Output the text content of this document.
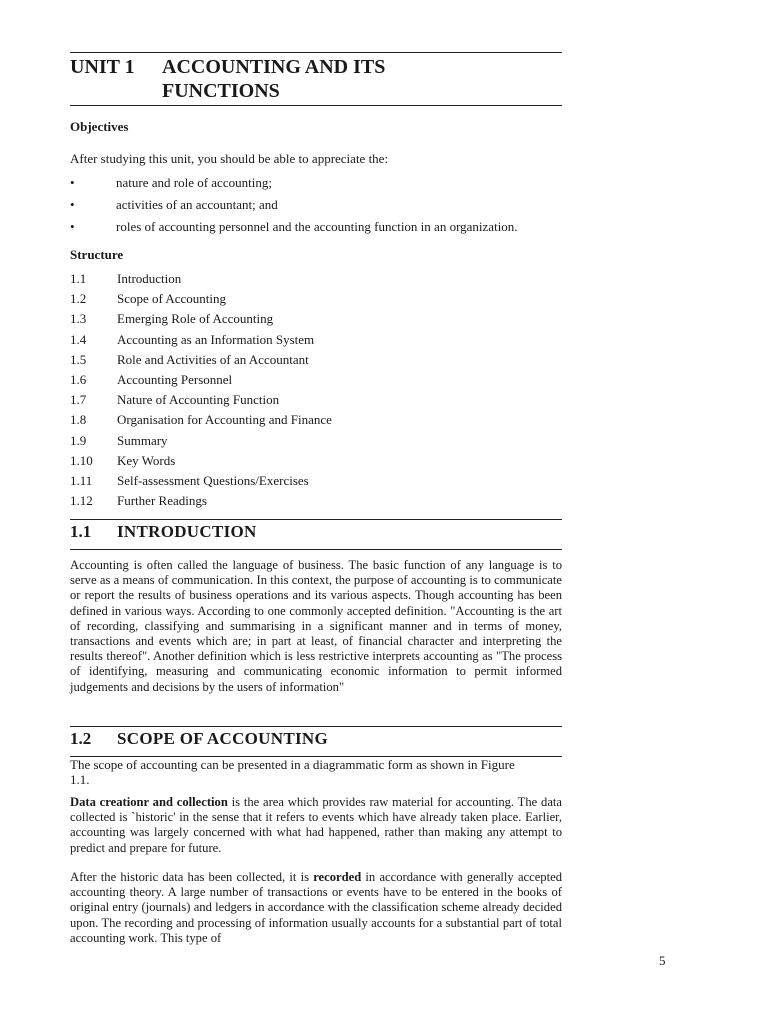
UNIT 1	ACCOUNTING AND ITS
FUNCTIONS
Objectives
After studying this unit, you should be able to appreciate the:
•	nature and role of accounting;
•	activities of an accountant; and
•	roles of accounting personnel and the accounting function in an organization.
Structure
1.1 Introduction
1.2 Scope of Accounting
1.3 Emerging Role of Accounting
1.4 Accounting as an Information System
1.5 Role and Activities of an Accountant
1.6 Accounting Personnel
1.7 Nature of Accounting Function
1.8 Organisation for Accounting and Finance
1.9 Summary
1.10 Key Words
1.11 Self-assessment Questions/Exercises
1.12 Further Readings
1.1 INTRODUCTION
Accounting is often called the language of business. The basic function of any language is to serve as a means of communication. In this context, the purpose of accounting is to communicate or report the results of business operations and its various aspects. Though accounting has been defined in various ways. According to one commonly accepted definition. "Accounting is the art of recording, classifying and summarising in a significant manner and in terms of money, transactions and events which are; in part at least, of financial character and interpreting the results thereof". Another definition which is less restrictive interprets accounting as "The process of identifying, measuring and communicating economic information to permit informed judgements and decisions by the users of information"
1.2 SCOPE OF ACCOUNTING
The scope of accounting can be presented in a diagrammatic form as shown in Figure 1.1.
Data creationr and collection is the area which provides raw material for accounting. The data collected is `historic' in the sense that it refers to events which have already taken place. Earlier, accounting was largely concerned with what had happened, rather than making any attempt to predict and prepare for future.
After the historic data has been collected, it is recorded in accordance with generally accepted accounting theory. A large number of transactions or events have to be entered in the books of original entry (journals) and ledgers in accordance with the classification scheme already decided upon. The recording and processing of information usually accounts for a substantial part of total accounting work. This type of
5
